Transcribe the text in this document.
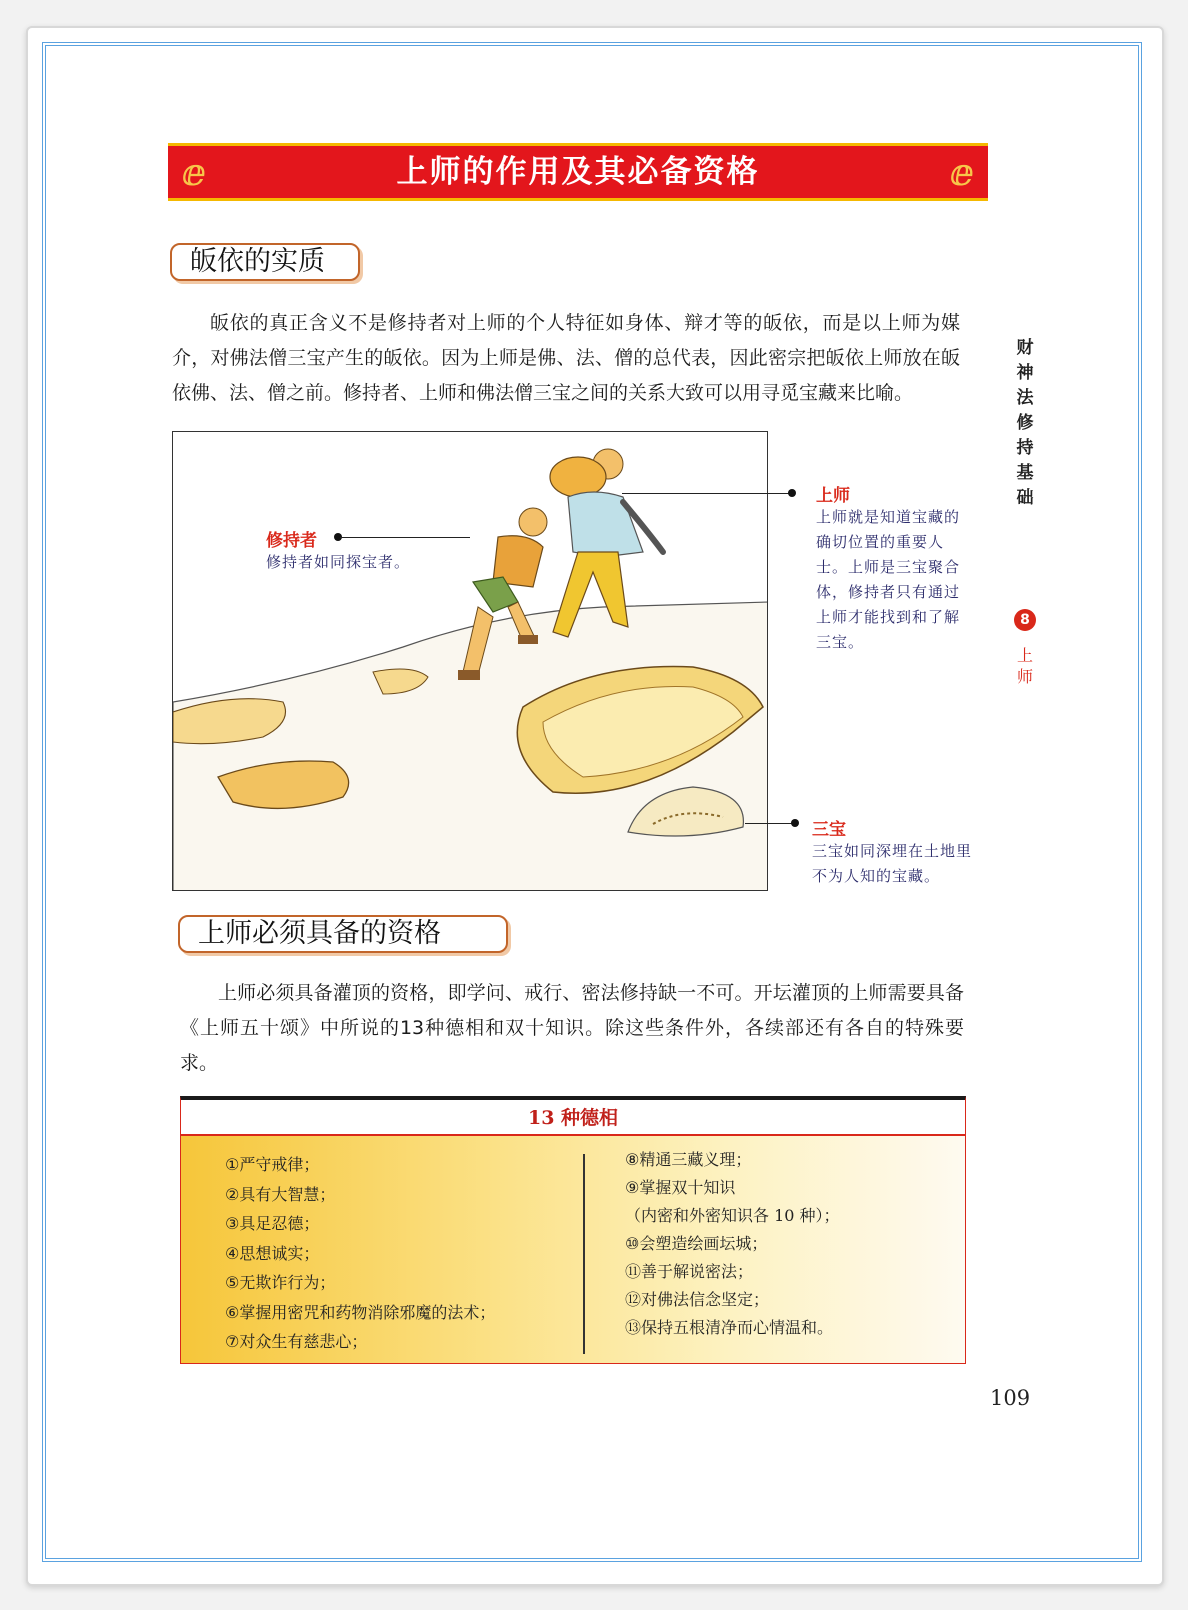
ⅇ	上师的作用及其必备资格	ⅇ
皈依的实质
皈依的真正含义不是修持者对上师的个人特征如身体、辩才等的皈依，而是以上师为媒介，对佛法僧三宝产生的皈依。因为上师是佛、法、僧的总代表，因此密宗把皈依上师放在皈依佛、法、僧之前。修持者、上师和佛法僧三宝之间的关系大致可以用寻觅宝藏来比喻。
修持者
修持者如同探宝者。
上师
上师就是知道宝藏的确切位置的重要人士。上师是三宝聚合体，修持者只有通过上师才能找到和了解三宝。
三宝
三宝如同深埋在土地里不为人知的宝藏。
财神法修持基础
8
上师
上师必须具备的资格
上师必须具备灌顶的资格，即学问、戒行、密法修持缺一不可。开坛灌顶的上师需要具备《上师五十颂》中所说的13种德相和双十知识。除这些条件外，各续部还有各自的特殊要求。
13 种德相
①严守戒律；
②具有大智慧；
③具足忍德；
④思想诚实；
⑤无欺诈行为；
⑥掌握用密咒和药物消除邪魔的法术；
⑦对众生有慈悲心；
⑧精通三藏义理；
⑨掌握双十知识
（内密和外密知识各 10 种）；
⑩会塑造绘画坛城；
⑪善于解说密法；
⑫对佛法信念坚定；
⑬保持五根清净而心情温和。
109
